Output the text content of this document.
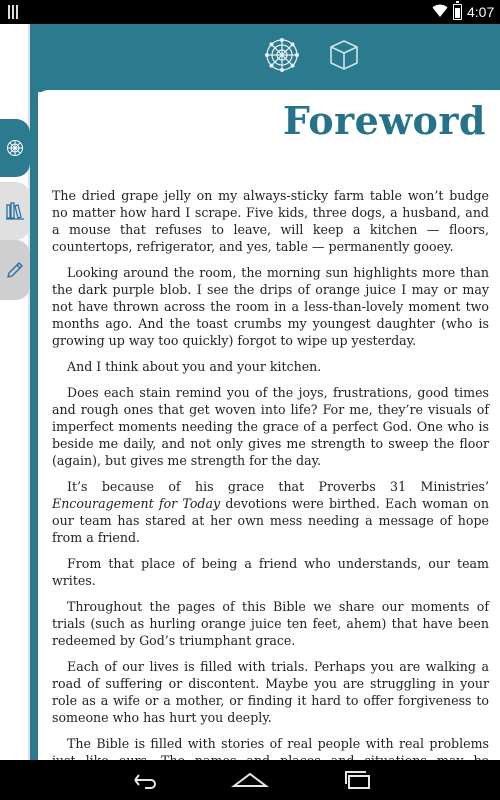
4:07
Foreword

The dried grape jelly on my always-sticky farm table won’t budge no matter how hard I scrape. Five kids, three dogs, a husband, and a mouse that refuses to leave, will keep a kitchen — floors, countertops, refrigerator, and yes, table — permanently gooey.

Looking around the room, the morning sun highlights more than the dark purple blob. I see the drips of orange juice I may or may not have thrown across the room in a less-than-lovely moment two months ago. And the toast crumbs my youngest daughter (who is growing up way too quickly) forgot to wipe up yesterday.

And I think about you and your kitchen.

Does each stain remind you of the joys, frustrations, good times and rough ones that get woven into life? For me, they’re visuals of imperfect moments needing the grace of a perfect God. One who is beside me daily, and not only gives me strength to sweep the floor (again), but gives me strength for the day.

It’s because of his grace that Proverbs 31 Ministries’ Encouragement for Today devotions were birthed. Each woman on our team has stared at her own mess needing a message of hope from a friend.

From that place of being a friend who understands, our team writes.

Throughout the pages of this Bible we share our moments of trials (such as hurling orange juice ten feet, ahem) that have been redeemed by God’s triumphant grace.

Each of our lives is filled with trials. Perhaps you are walking a road of suffering or discontent. Maybe you are struggling in your role as a wife or a mother, or finding it hard to offer forgiveness to someone who has hurt you deeply.

The Bible is filled with stories of real people with real problems
